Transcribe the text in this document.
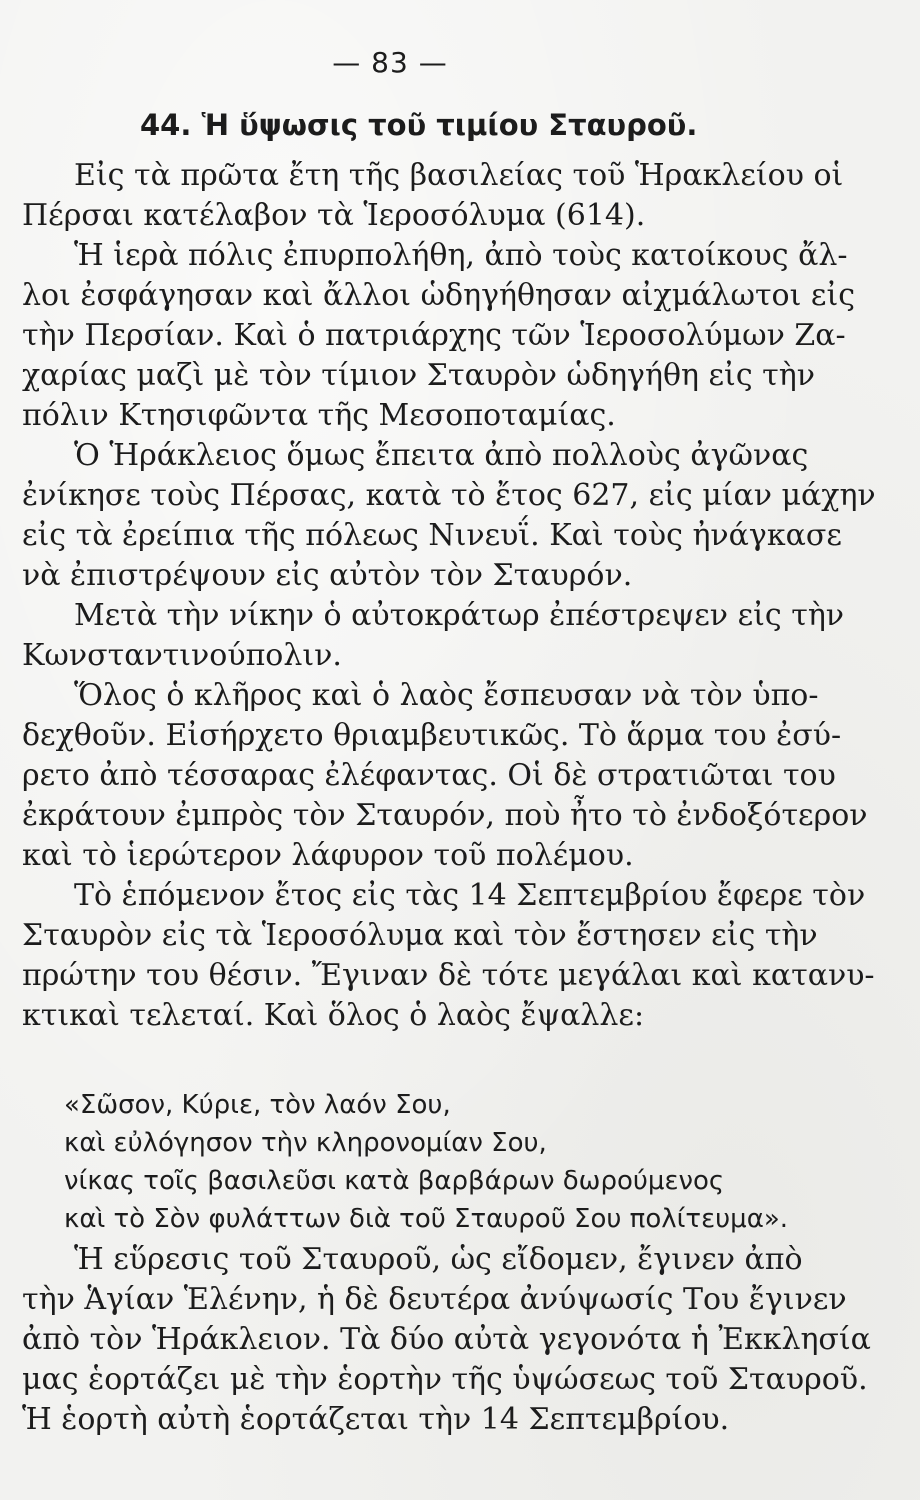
— 83 —
44. Ἡ ὕψωσις τοῦ τιμίου Σταυροῦ.
Εἰς τὰ πρῶτα ἔτη τῆς βασιλείας τοῦ Ἡρακλείου οἱ
Πέρσαι κατέλαβον τὰ Ἱεροσόλυμα (614).
Ἡ ἱερὰ πόλις ἐπυρπολήθη, ἀπὸ τοὺς κατοίκους ἄλ-
λοι ἐσφάγησαν καὶ ἄλλοι ὡδηγήθησαν αἰχμάλωτοι εἰς
τὴν Περσίαν. Καὶ ὁ πατριάρχης τῶν Ἱεροσολύμων Ζα-
χαρίας μαζὶ μὲ τὸν τίμιον Σταυρὸν ὡδηγήθη εἰς τὴν
πόλιν Κτησιφῶντα τῆς Μεσοποταμίας.
Ὁ Ἡράκλειος ὅμως ἔπειτα ἀπὸ πολλοὺς ἀγῶνας
ἐνίκησε τοὺς Πέρσας, κατὰ τὸ ἔτος 627, εἰς μίαν μάχην
εἰς τὰ ἐρείπια τῆς πόλεως Νινευΐ. Καὶ τοὺς ἠνάγκασε
νὰ ἐπιστρέψουν εἰς αὐτὸν τὸν Σταυρόν.
Μετὰ τὴν νίκην ὁ αὐτοκράτωρ ἐπέστρεψεν εἰς τὴν
Κωνσταντινούπολιν.
Ὅλος ὁ κλῆρος καὶ ὁ λαὸς ἔσπευσαν νὰ τὸν ὑπο-
δεχθοῦν. Εἰσήρχετο θριαμβευτικῶς. Τὸ ἅρμα του ἐσύ-
ρετο ἀπὸ τέσσαρας ἐλέφαντας. Οἱ δὲ στρατιῶται του
ἐκράτουν ἐμπρὸς τὸν Σταυρόν, ποὺ ἦτο τὸ ἐνδοξότερον
καὶ τὸ ἱερώτερον λάφυρον τοῦ πολέμου.
Τὸ ἑπόμενον ἔτος εἰς τὰς 14 Σεπτεμβρίου ἔφερε τὸν
Σταυρὸν εἰς τὰ Ἱεροσόλυμα καὶ τὸν ἔστησεν εἰς τὴν
πρώτην του θέσιν. Ἔγιναν δὲ τότε μεγάλαι καὶ κατανυ-
κτικαὶ τελεταί. Καὶ ὅλος ὁ λαὸς ἔψαλλε:
«Σῶσον, Κύριε, τὸν λαόν Σου,
καὶ εὐλόγησον τὴν κληρονομίαν Σου,
νίκας τοῖς βασιλεῦσι κατὰ βαρβάρων δωρούμενος
καὶ τὸ Σὸν φυλάττων διὰ τοῦ Σταυροῦ Σου πολίτευμα».
Ἡ εὕρεσις τοῦ Σταυροῦ, ὡς εἴδομεν, ἔγινεν ἀπὸ
τὴν Ἁγίαν Ἑλένην, ἡ δὲ δευτέρα ἀνύψωσίς Του ἔγινεν
ἀπὸ τὸν Ἡράκλειον. Τὰ δύο αὐτὰ γεγονότα ἡ Ἐκκλησία
μας ἑορτάζει μὲ τὴν ἑορτὴν τῆς ὑψώσεως τοῦ Σταυροῦ.
Ἡ ἑορτὴ αὐτὴ ἑορτάζεται τὴν 14 Σεπτεμβρίου.
